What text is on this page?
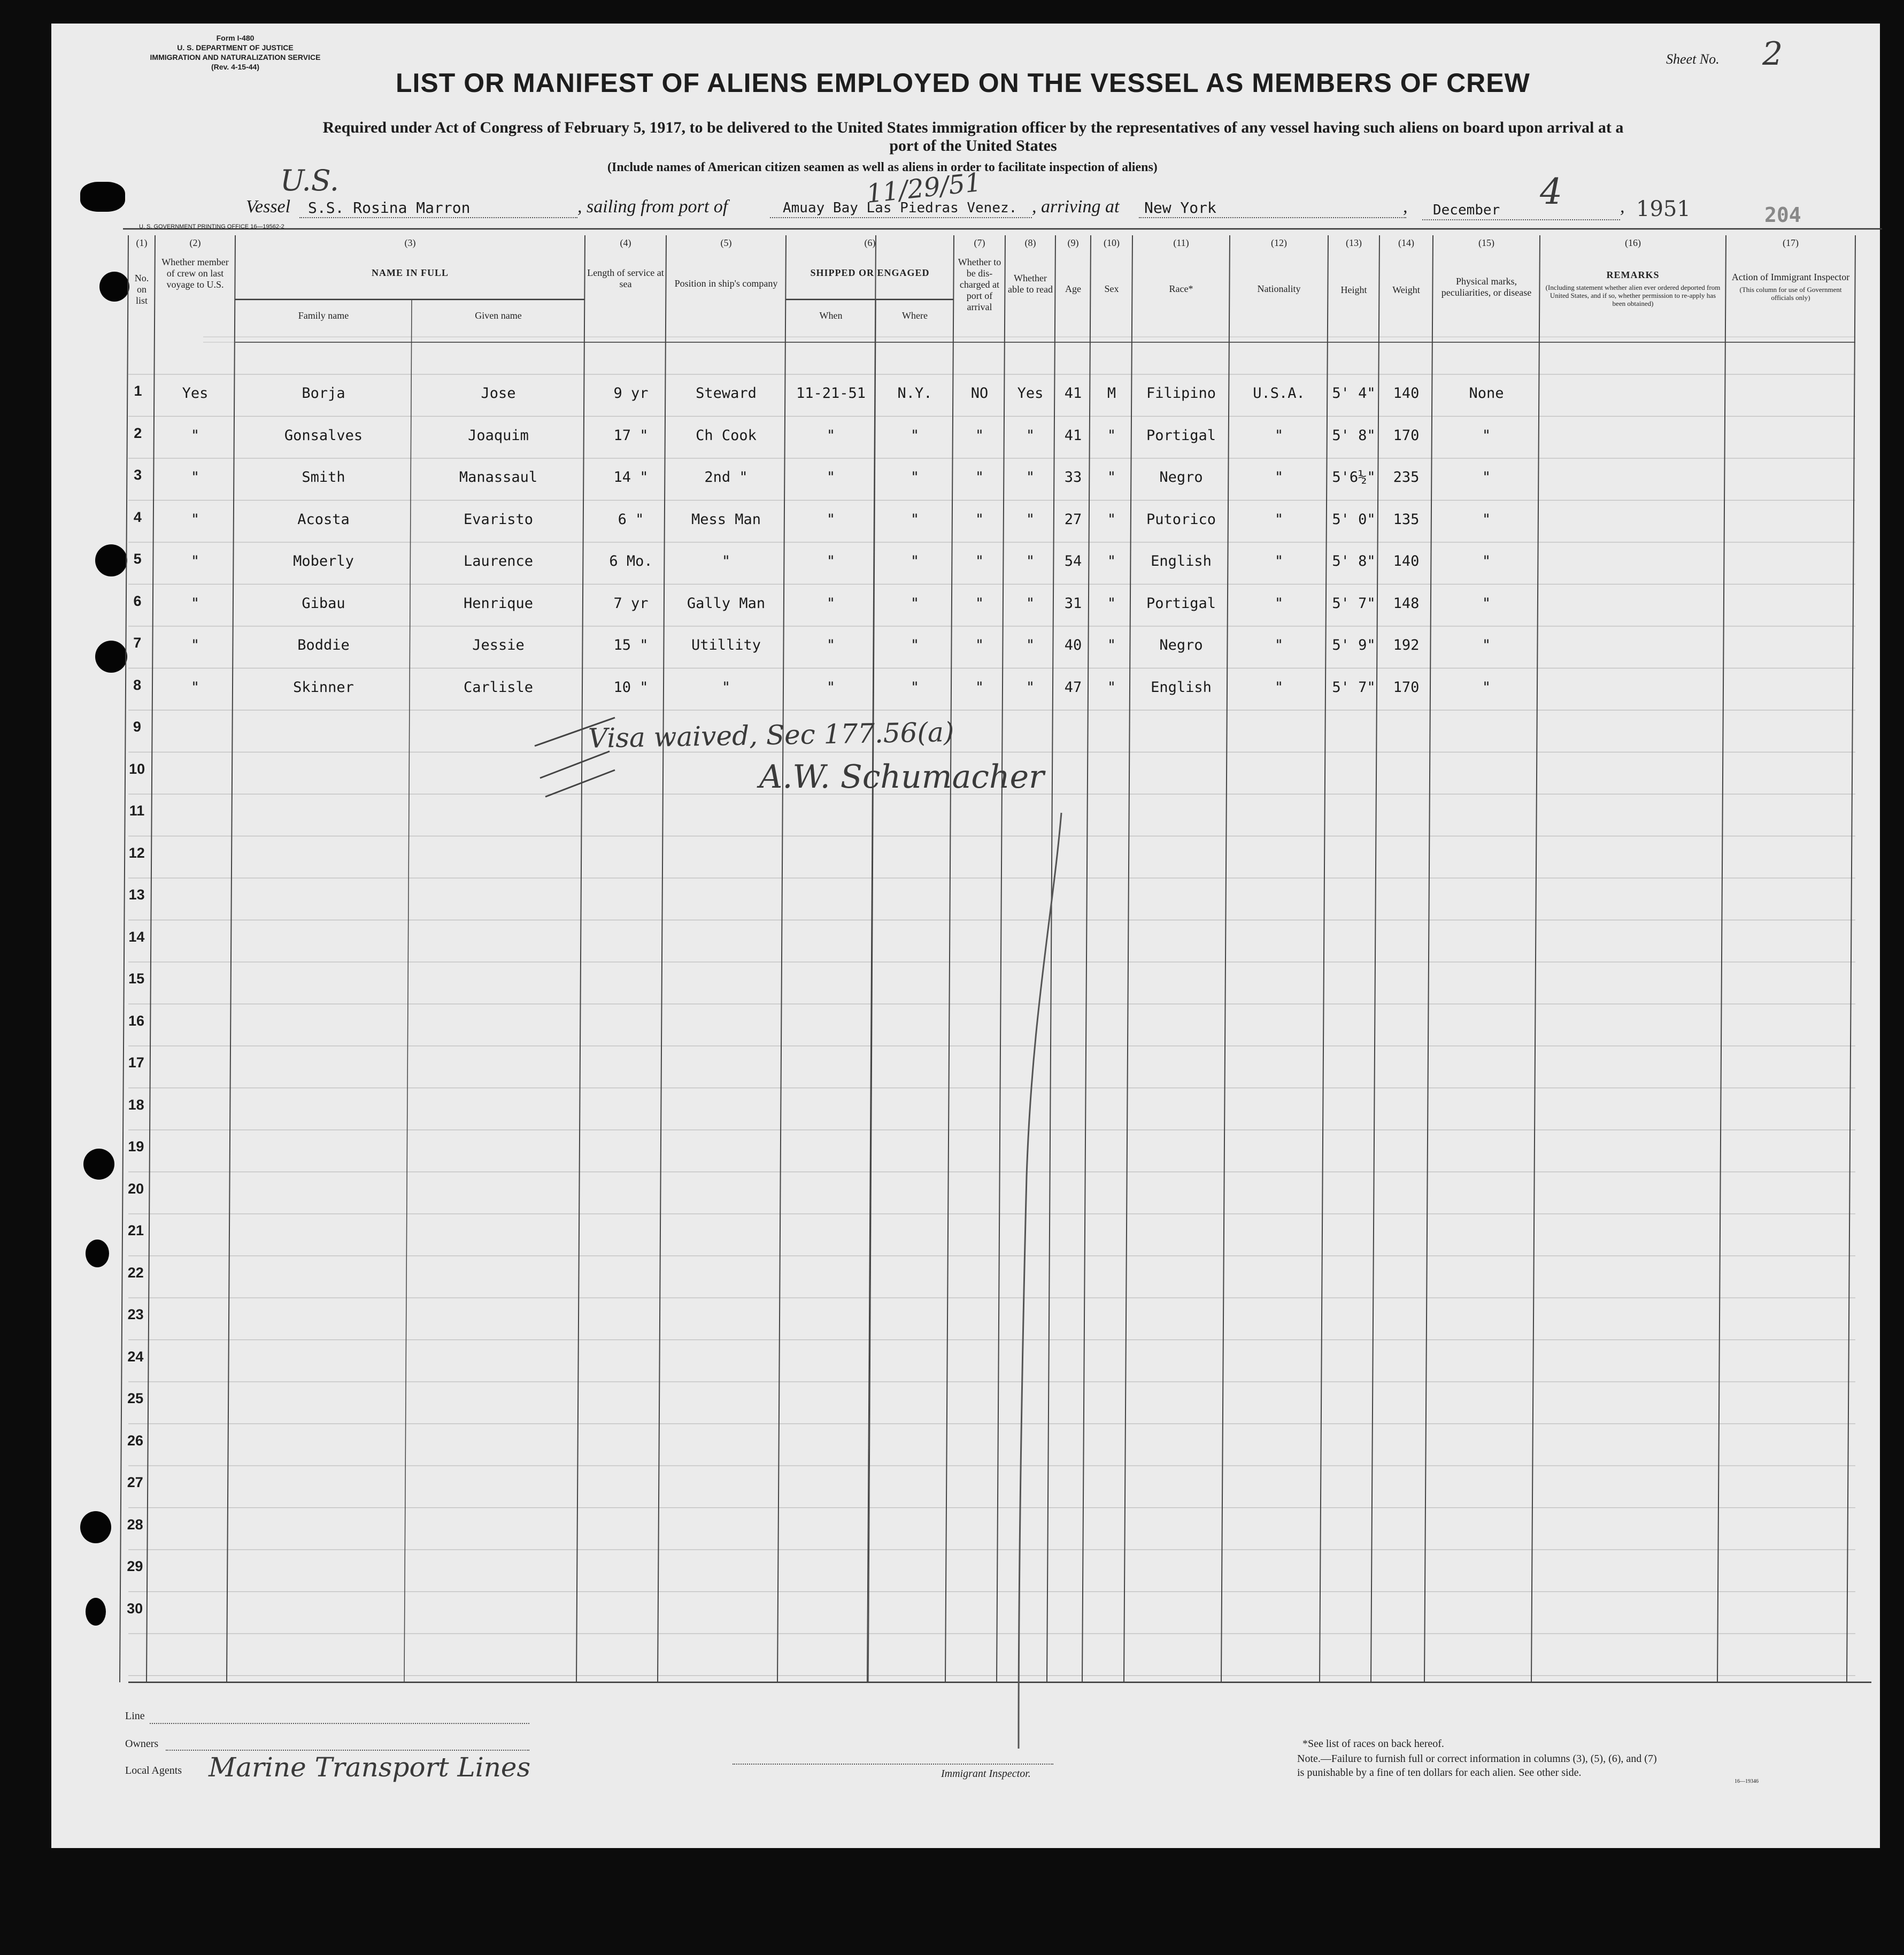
Form I-480
U. S. DEPARTMENT OF JUSTICE
IMMIGRATION AND NATURALIZATION SERVICE
(Rev. 4-15-44)	Sheet No. 2
LIST OR MANIFEST OF ALIENS EMPLOYED ON THE VESSEL AS MEMBERS OF CREW
Required under Act of Congress of February 5, 1917, to be delivered to the United States immigration officer by the representatives of any vessel having such aliens on board upon arrival at a
port of the United States
(Include names of American citizen seamen as well as aliens in order to facilitate inspection of aliens)
U.S.	11/29/51
Vessel S.S. Rosina Marron	, sailing from port of	Amuay Bay Las Piedras Venez. , arriving at New York	, December 4	, 1951	204
U. S. GOVERNMENT PRINTING OFFICE 16—19562-2
(1)
No. on list
(2)
Whether member of crew on last voyage to U.S.
(3)
NAME IN FULL
Family name	Given name
(4)
Length of service at sea
(5)
Position in ship's company
(6)
SHIPPED OR ENGAGED
When	Where
(7)
Whether to be dis-charged at port of arrival
(8)
Whether able to read
(9)
Age
(10)
Sex
(11)
Race*
(12)
Nationality
(13)
Height
(14)
Weight
(15)
Physical marks, peculiarities, or disease
(16)
REMARKS
(Including statement whether alien ever ordered deported from United States, and if so, whether permission to re-apply has been obtained)
(17)
Action of Immigrant Inspector
(This column for use of Government officials only)
1	Yes	Borja	Jose	9 yr	Steward	11-21-51	N.Y.	NO	Yes	41	M	Filipino	U.S.A.	5' 4"	140	None
2	"	Gonsalves	Joaquim	17 "	Ch Cook	"	"	"	"	41	"	Portigal	"	5' 8"	170	"
3	"	Smith	Manassaul	14 "	2nd "	"	"	"	"	33	"	Negro	"	5'6½"	235	"
4	"	Acosta	Evaristo	6 "	Mess Man	"	"	"	"	27	"	Putorico	"	5' 0"	135	"
5	"	Moberly	Laurence	6 Mo.	"	"	"	"	"	54	"	English	"	5' 8"	140	"
6	"	Gibau	Henrique	7 yr	Gally Man	"	"	"	"	31	"	Portigal	"	5' 7"	148	"
7	"	Boddie	Jessie	15 "	Utillity	"	"	"	"	40	"	Negro	"	5' 9"	192	"
8	"	Skinner	Carlisle	10 "	"	"	"	"	"	47	"	English	"	5' 7"	170	"
9
10
11
12
13
14
15
16
17
18
19
20
21
22
23
24
25
26
27
28
29
30
Visa waived, Sec 177.56(a)
A.W. Schumacher
Line
Owners
Local Agents Marine Transport Lines	Immigrant Inspector.
*See list of races on back hereof.
Note.—Failure to furnish full or correct information in columns (3), (5), (6), and (7)
is punishable by a fine of ten dollars for each alien. See other side.
16—19346
